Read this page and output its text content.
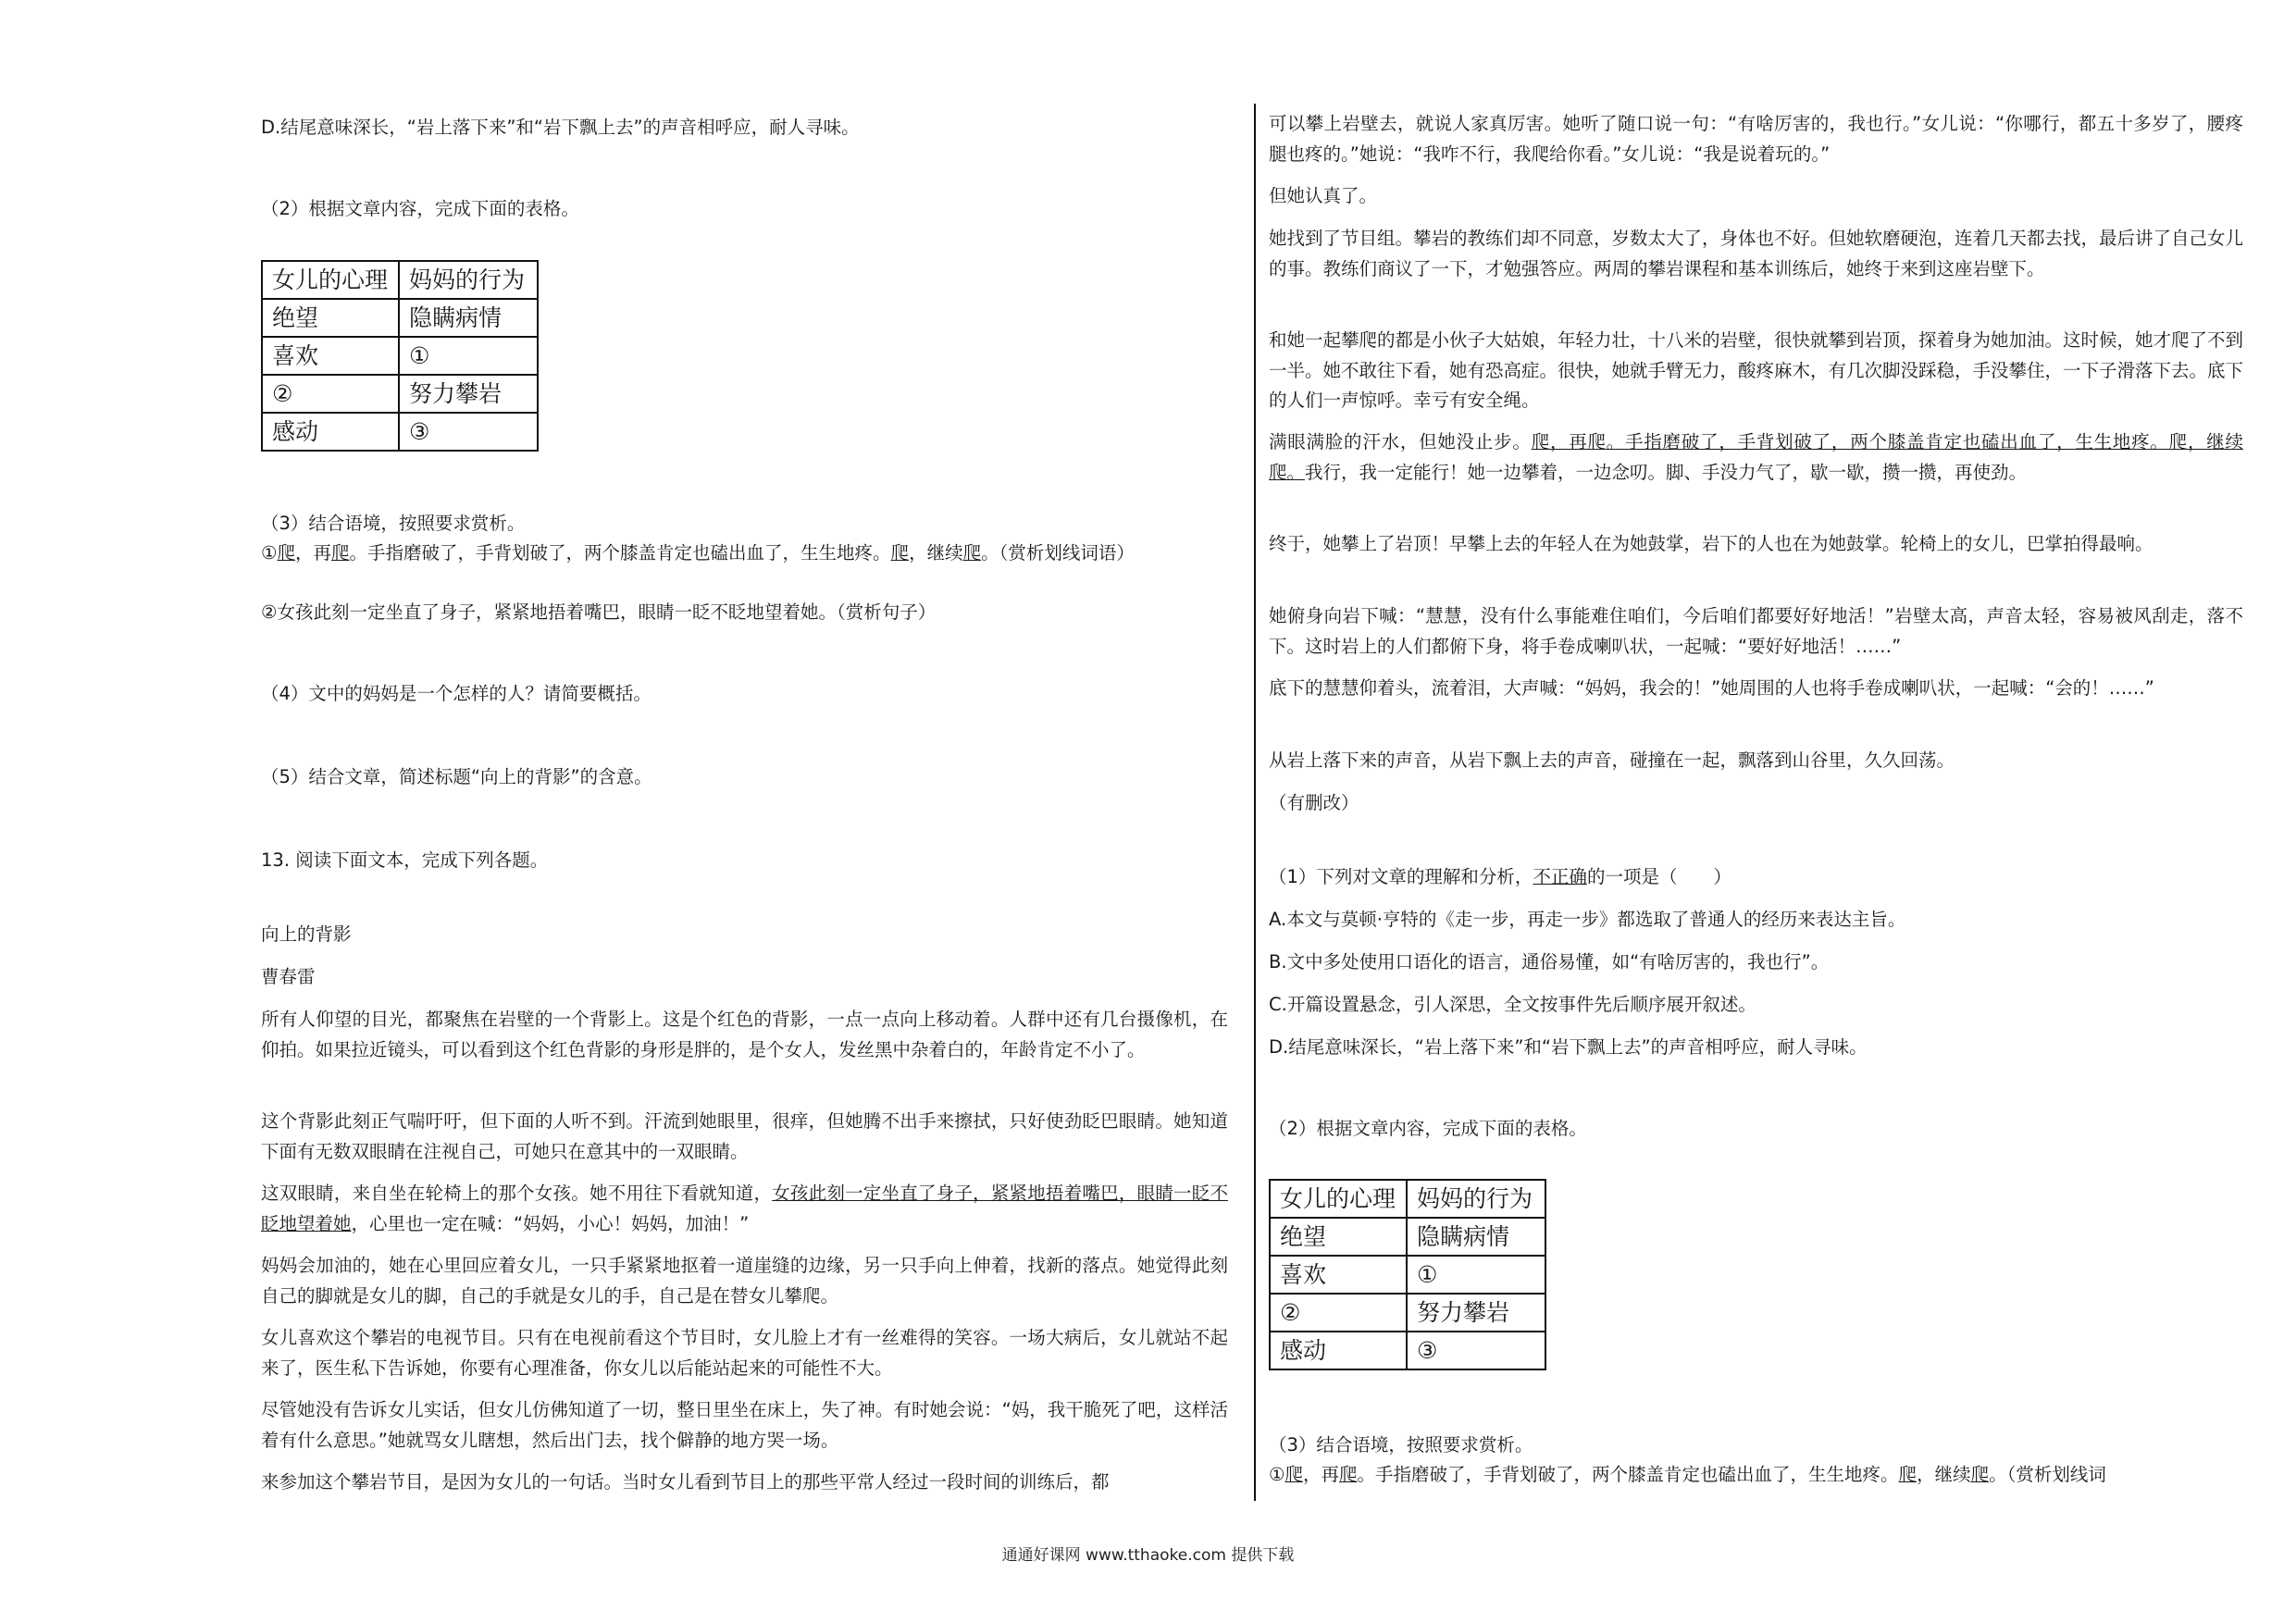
D.结尾意味深长，“岩上落下来”和“岩下飘上去”的声音相呼应，耐人寻味。
（2）根据文章内容，完成下面的表格。
女儿的心理	妈妈的行为
绝望	隐瞒病情
喜欢	①
②	努力攀岩
感动	③
（3）结合语境，按照要求赏析。
①爬，再爬。手指磨破了，手背划破了，两个膝盖肯定也磕出血了，生生地疼。爬，继续爬。（赏析划线词语）
②女孩此刻一定坐直了身子，紧紧地捂着嘴巴，眼睛一眨不眨地望着她。（赏析句子）
（4）文中的妈妈是一个怎样的人？请简要概括。
（5）结合文章，简述标题“向上的背影”的含意。
13. 阅读下面文本，完成下列各题。
向上的背影
曹春雷
所有人仰望的目光，都聚焦在岩壁的一个背影上。这是个红色的背影，一点一点向上移动着。人群中还有几台摄像机，在仰拍。如果拉近镜头，可以看到这个红色背影的身形是胖的，是个女人，发丝黑中杂着白的，年龄肯定不小了。
这个背影此刻正气喘吁吁，但下面的人听不到。汗流到她眼里，很痒，但她腾不出手来擦拭，只好使劲眨巴眼睛。她知道下面有无数双眼睛在注视自己，可她只在意其中的一双眼睛。
这双眼睛，来自坐在轮椅上的那个女孩。她不用往下看就知道，女孩此刻一定坐直了身子，紧紧地捂着嘴巴，眼睛一眨不眨地望着她，心里也一定在喊：“妈妈，小心！妈妈，加油！”
妈妈会加油的，她在心里回应着女儿，一只手紧紧地抠着一道崖缝的边缘，另一只手向上伸着，找新的落点。她觉得此刻自己的脚就是女儿的脚，自己的手就是女儿的手，自己是在替女儿攀爬。
女儿喜欢这个攀岩的电视节目。只有在电视前看这个节目时，女儿脸上才有一丝难得的笑容。一场大病后，女儿就站不起来了，医生私下告诉她，你要有心理准备，你女儿以后能站起来的可能性不大。
尽管她没有告诉女儿实话，但女儿仿佛知道了一切，整日里坐在床上，失了神。有时她会说：“妈，我干脆死了吧，这样活着有什么意思。”她就骂女儿瞎想，然后出门去，找个僻静的地方哭一场。
来参加这个攀岩节目，是因为女儿的一句话。当时女儿看到节目上的那些平常人经过一段时间的训练后，都
可以攀上岩壁去，就说人家真厉害。她听了随口说一句：“有啥厉害的，我也行。”女儿说：“你哪行，都五十多岁了，腰疼腿也疼的。”她说：“我咋不行，我爬给你看。”女儿说：“我是说着玩的。”
但她认真了。
她找到了节目组。攀岩的教练们却不同意，岁数太大了，身体也不好。但她软磨硬泡，连着几天都去找，最后讲了自己女儿的事。教练们商议了一下，才勉强答应。两周的攀岩课程和基本训练后，她终于来到这座岩壁下。
和她一起攀爬的都是小伙子大姑娘，年轻力壮，十八米的岩壁，很快就攀到岩顶，探着身为她加油。这时候，她才爬了不到一半。她不敢往下看，她有恐高症。很快，她就手臂无力，酸疼麻木，有几次脚没踩稳，手没攀住，一下子滑落下去。底下的人们一声惊呼。幸亏有安全绳。
满眼满脸的汗水，但她没止步。爬，再爬。手指磨破了，手背划破了，两个膝盖肯定也磕出血了，生生地疼。爬，继续爬。我行，我一定能行！她一边攀着，一边念叨。脚、手没力气了，歇一歇，攒一攒，再使劲。
终于，她攀上了岩顶！早攀上去的年轻人在为她鼓掌，岩下的人也在为她鼓掌。轮椅上的女儿，巴掌拍得最响。
她俯身向岩下喊：“慧慧，没有什么事能难住咱们，今后咱们都要好好地活！”岩壁太高，声音太轻，容易被风刮走，落不下。这时岩上的人们都俯下身，将手卷成喇叭状，一起喊：“要好好地活！……”
底下的慧慧仰着头，流着泪，大声喊：“妈妈，我会的！”她周围的人也将手卷成喇叭状，一起喊：“会的！……”
从岩上落下来的声音，从岩下飘上去的声音，碰撞在一起，飘落到山谷里，久久回荡。
（有删改）
（1）下列对文章的理解和分析，不正确的一项是（　　）
A.本文与莫顿·亨特的《走一步，再走一步》都选取了普通人的经历来表达主旨。
B.文中多处使用口语化的语言，通俗易懂，如“有啥厉害的，我也行”。
C.开篇设置悬念，引人深思，全文按事件先后顺序展开叙述。
D.结尾意味深长，“岩上落下来”和“岩下飘上去”的声音相呼应，耐人寻味。
（2）根据文章内容，完成下面的表格。
女儿的心理	妈妈的行为
绝望	隐瞒病情
喜欢	①
②	努力攀岩
感动	③
（3）结合语境，按照要求赏析。
①爬，再爬。手指磨破了，手背划破了，两个膝盖肯定也磕出血了，生生地疼。爬，继续爬。（赏析划线词
通通好课网 www.tthaoke.com 提供下载
